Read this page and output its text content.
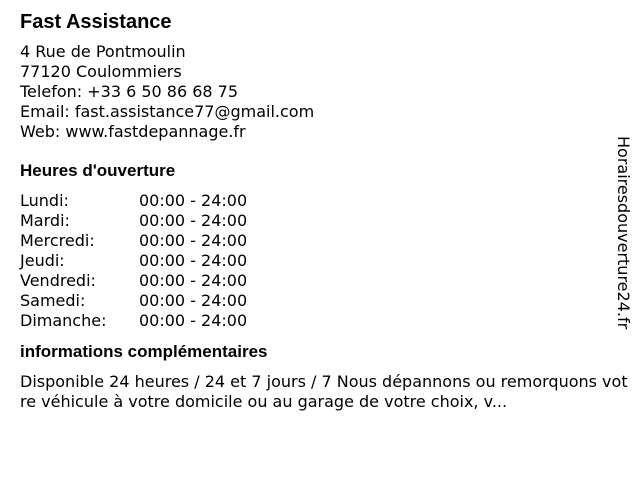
Fast Assistance
4 Rue de Pontmoulin
77120 Coulommiers
Telefon: +33 6 50 86 68 75
Email: fast.assistance77@gmail.com
Web: www.fastdepannage.fr
Heures d'ouverture
Lundi:	00:00 - 24:00
Mardi:	00:00 - 24:00
Mercredi:	00:00 - 24:00
Jeudi:	00:00 - 24:00
Vendredi:	00:00 - 24:00
Samedi:	00:00 - 24:00
Dimanche:	00:00 - 24:00
informations complémentaires
Disponible 24 heures / 24 et 7 jours / 7 Nous dépannons ou remorquons votre véhicule à votre domicile ou au garage de votre choix, v...
Horairesdouverture24.fr
